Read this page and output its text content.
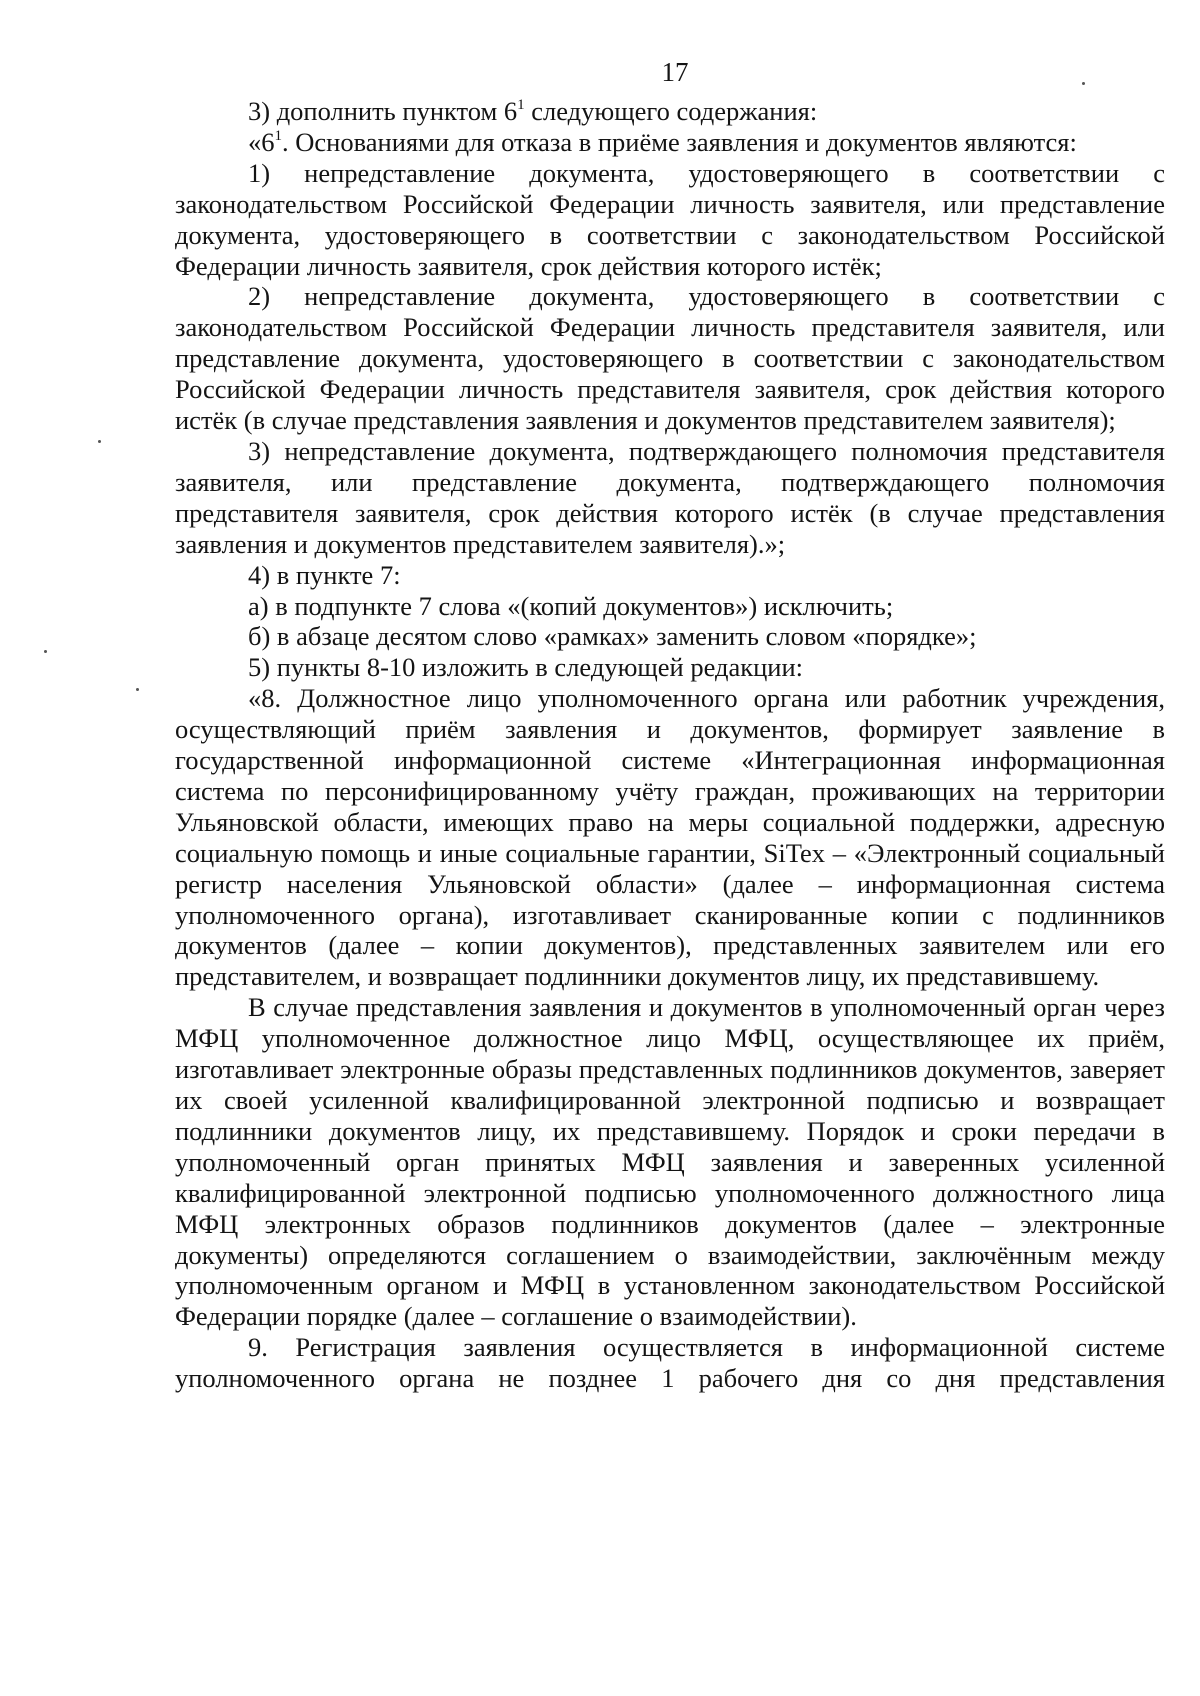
17

3) дополнить пунктом $6^1$ следующего содержания:

«$6^1$. Основаниями для отказа в приёме заявления и документов являются:

1) непредставление документа, удостоверяющего в соответствии с законодательством Российской Федерации личность заявителя, или представление документа, удостоверяющего в соответствии с законодательством Российской Федерации личность заявителя, срок действия которого истёк;

2) непредставление документа, удостоверяющего в соответствии с законодательством Российской Федерации личность представителя заявителя, или представление документа, удостоверяющего в соответствии с законодательством Российской Федерации личность представителя заявителя, срок действия которого истёк (в случае представления заявления и документов представителем заявителя);

3) непредставление документа, подтверждающего полномочия представителя заявителя, или представление документа, подтверждающего полномочия представителя заявителя, срок действия которого истёк (в случае представления заявления и документов представителем заявителя).»;

4) в пункте 7:

а) в подпункте 7 слова «(копий документов») исключить;

б) в абзаце десятом слово «рамках» заменить словом «порядке»;

5) пункты 8-10 изложить в следующей редакции:

«8. Должностное лицо уполномоченного органа или работник учреждения, осуществляющий приём заявления и документов, формирует заявление в государственной информационной системе «Интеграционная информационная система по персонифицированному учёту граждан, проживающих на территории Ульяновской области, имеющих право на меры социальной поддержки, адресную социальную помощь и иные социальные гарантии, SiTex – «Электронный социальный регистр населения Ульяновской области» (далее – информационная система уполномоченного органа), изготавливает сканированные копии с подлинников документов (далее – копии документов), представленных заявителем или его представителем, и возвращает подлинники документов лицу, их представившему.

В случае представления заявления и документов в уполномоченный орган через МФЦ уполномоченное должностное лицо МФЦ, осуществляющее их приём, изготавливает электронные образы представленных подлинников документов, заверяет их своей усиленной квалифицированной электронной подписью и возвращает подлинники документов лицу, их представившему. Порядок и сроки передачи в уполномоченный орган принятых МФЦ заявления и заверенных усиленной квалифицированной электронной подписью уполномоченного должностного лица МФЦ электронных образов подлинников документов (далее – электронные документы) определяются соглашением о взаимодействии, заключённым между уполномоченным органом и МФЦ в установленном законодательством Российской Федерации порядке (далее – соглашение о взаимодействии).

9. Регистрация заявления осуществляется в информационной системе уполномоченного органа не позднее 1 рабочего дня со дня представления
